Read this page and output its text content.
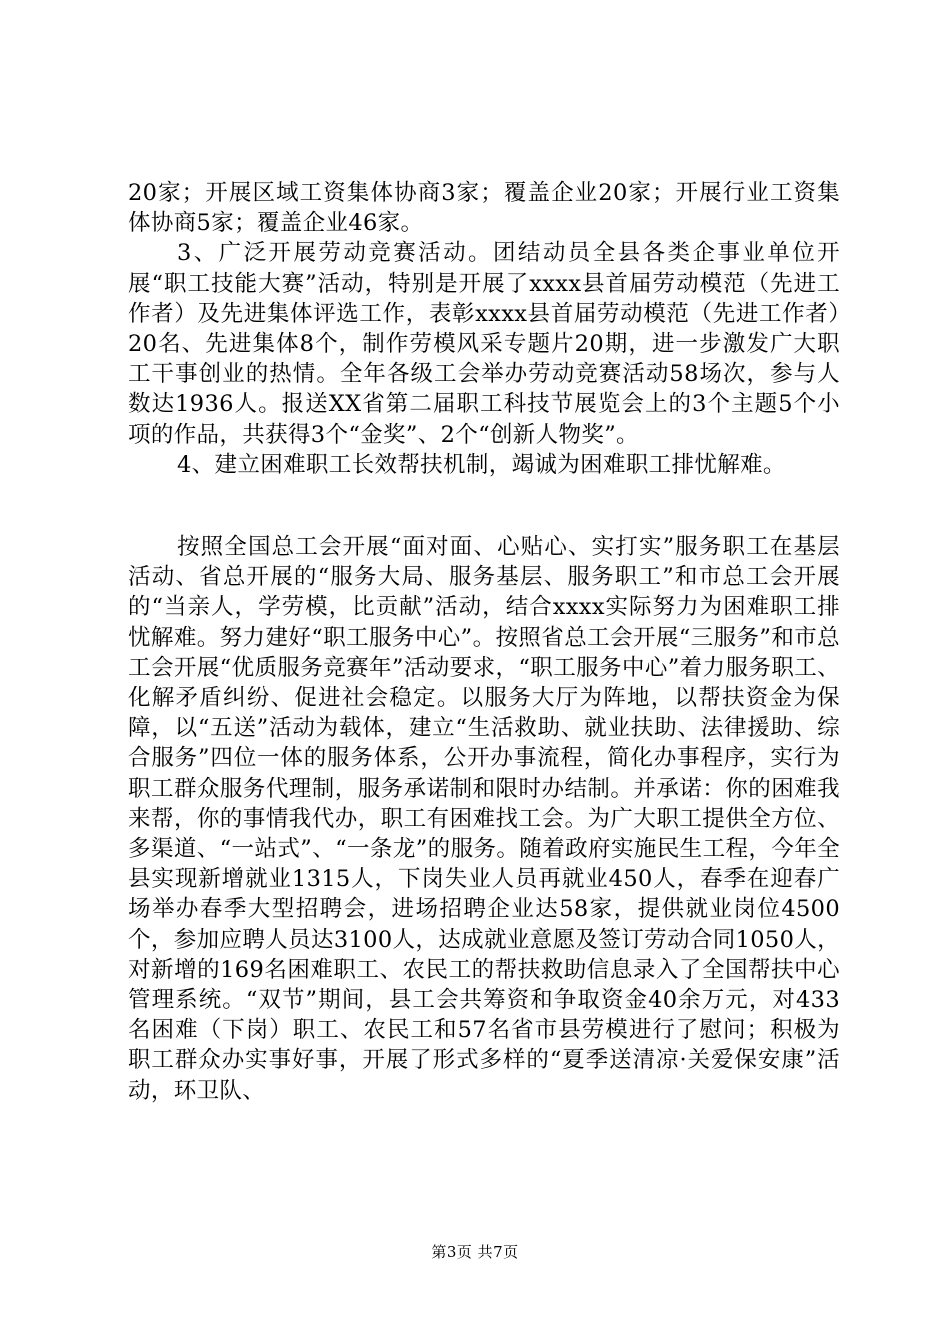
20家；开展区域工资集体协商3家；覆盖企业20家；开展行业工资集体协商5家；覆盖企业46家。

3、广泛开展劳动竞赛活动。团结动员全县各类企事业单位开展“职工技能大赛”活动，特别是开展了xxxx县首届劳动模范（先进工作者）及先进集体评选工作，表彰xxxx县首届劳动模范（先进工作者）20名、先进集体8个，制作劳模风采专题片20期，进一步激发广大职工干事创业的热情。全年各级工会举办劳动竞赛活动58场次，参与人数达1936人。报送XX省第二届职工科技节展览会上的3个主题5个小项的作品，共获得3个“金奖”、2个“创新人物奖”。

4、建立困难职工长效帮扶机制，竭诚为困难职工排忧解难。

按照全国总工会开展“面对面、心贴心、实打实”服务职工在基层活动、省总开展的“服务大局、服务基层、服务职工”和市总工会开展的“当亲人，学劳模，比贡献”活动，结合xxxx实际努力为困难职工排忧解难。努力建好“职工服务中心”。按照省总工会开展“三服务”和市总工会开展“优质服务竞赛年”活动要求，“职工服务中心”着力服务职工、化解矛盾纠纷、促进社会稳定。以服务大厅为阵地，以帮扶资金为保障，以“五送”活动为载体，建立“生活救助、就业扶助、法律援助、综合服务”四位一体的服务体系，公开办事流程，简化办事程序，实行为职工群众服务代理制，服务承诺制和限时办结制。并承诺：你的困难我来帮，你的事情我代办，职工有困难找工会。为广大职工提供全方位、多渠道、“一站式”、“一条龙”的服务。随着政府实施民生工程，今年全县实现新增就业1315人，下岗失业人员再就业450人，春季在迎春广场举办春季大型招聘会，进场招聘企业达58家，提供就业岗位4500个，参加应聘人员达3100人，达成就业意愿及签订劳动合同1050人，对新增的169名困难职工、农民工的帮扶救助信息录入了全国帮扶中心管理系统。“双节”期间，县工会共筹资和争取资金40余万元，对433名困难（下岗）职工、农民工和57名省市县劳模进行了慰问；积极为职工群众办实事好事，开展了形式多样的“夏季送清凉·关爱保安康”活动，环卫队、

第3页 共7页
